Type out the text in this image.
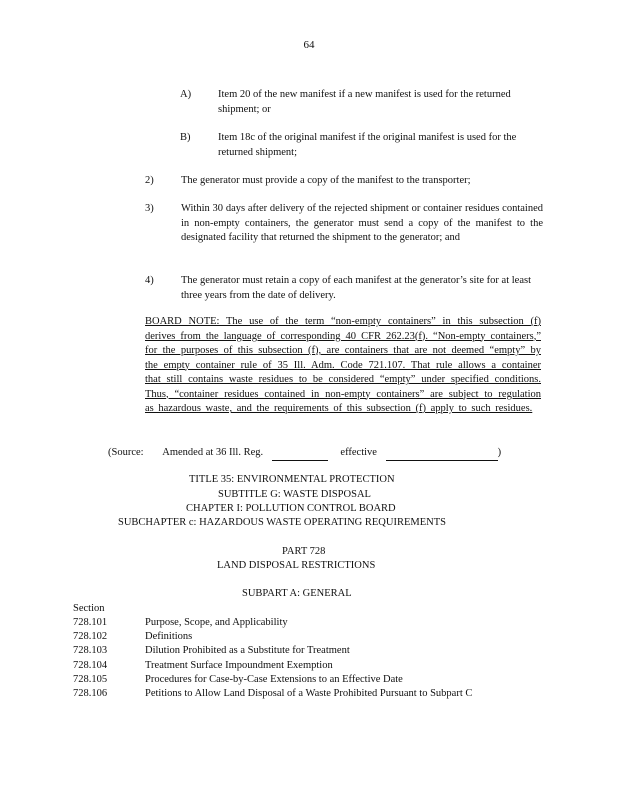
64
A)	Item 20 of the new manifest if a new manifest is used for the returned shipment; or
B)	Item 18c of the original manifest if the original manifest is used for the returned shipment;
2)	The generator must provide a copy of the manifest to the transporter;
3)	Within 30 days after delivery of the rejected shipment or container residues contained in non-empty containers, the generator must send a copy of the manifest to the designated facility that returned the shipment to the generator; and
4)	The generator must retain a copy of each manifest at the generator’s site for at least three years from the date of delivery.
BOARD NOTE: The use of the term “non-empty containers” in this subsection (f) derives from the language of corresponding 40 CFR 262.23(f). “Non-empty containers,” for the purposes of this subsection (f), are containers that are not deemed “empty” by the empty container rule of 35 Ill. Adm. Code 721.107. That rule allows a container that still contains waste residues to be considered “empty” under specified conditions. Thus, “container residues contained in non-empty containers” are subject to regulation as hazardous waste, and the requirements of this subsection (f) apply to such residues.
(Source: Amended at 36 Ill. Reg.	effective	)
TITLE 35: ENVIRONMENTAL PROTECTION
SUBTITLE G: WASTE DISPOSAL
CHAPTER I: POLLUTION CONTROL BOARD
SUBCHAPTER c: HAZARDOUS WASTE OPERATING REQUIREMENTS
PART 728
LAND DISPOSAL RESTRICTIONS
SUBPART A: GENERAL
Section
728.101	Purpose, Scope, and Applicability
728.102	Definitions
728.103	Dilution Prohibited as a Substitute for Treatment
728.104	Treatment Surface Impoundment Exemption
728.105	Procedures for Case-by-Case Extensions to an Effective Date
728.106	Petitions to Allow Land Disposal of a Waste Prohibited Pursuant to Subpart C
